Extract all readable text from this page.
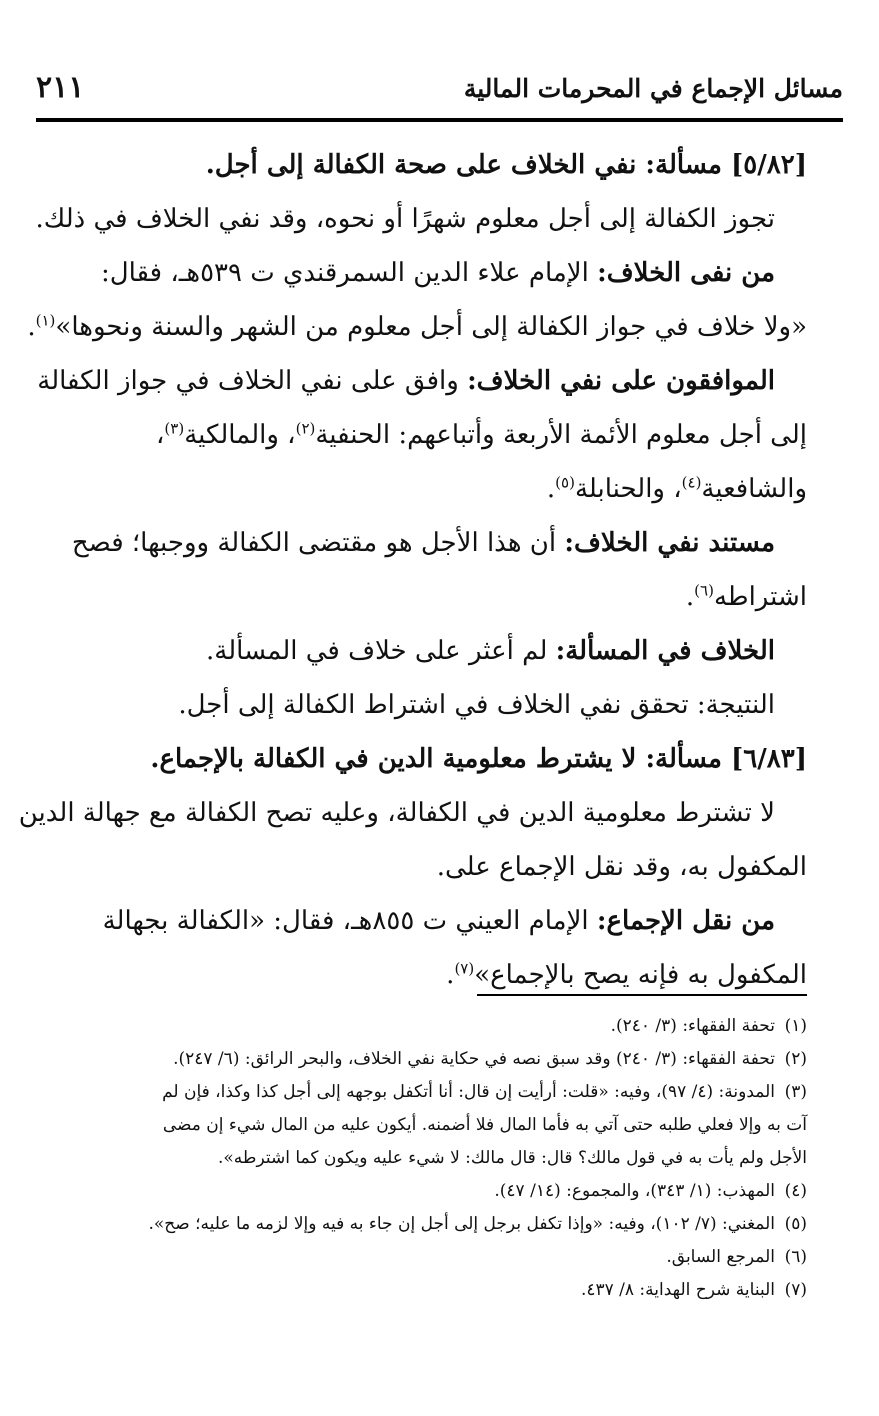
مسائل الإجماع في المحرمات المالية
٢١١

[٥/٨٢] مسألة: نفي الخلاف على صحة الكفالة إلى أجل.

تجوز الكفالة إلى أجل معلوم شهرًا أو نحوه، وقد نفي الخلاف في ذلك.

من نفى الخلاف: الإمام علاء الدين السمرقندي ت ٥٣٩هـ، فقال:

«ولا خلاف في جواز الكفالة إلى أجل معلوم من الشهر والسنة ونحوها»$^{(١)}$.

الموافقون على نفي الخلاف: وافق على نفي الخلاف في جواز الكفالة

إلى أجل معلوم الأئمة الأربعة وأتباعهم: الحنفية$^{(٢)}$، والمالكية$^{(٣)}$،

والشافعية$^{(٤)}$، والحنابلة$^{(٥)}$.

مستند نفي الخلاف: أن هذا الأجل هو مقتضى الكفالة ووجبها؛ فصح

اشتراطه$^{(٦)}$.

الخلاف في المسألة: لم أعثر على خلاف في المسألة.

النتيجة: تحقق نفي الخلاف في اشتراط الكفالة إلى أجل.

[٦/٨٣] مسألة: لا يشترط معلومية الدين في الكفالة بالإجماع.

لا تشترط معلومية الدين في الكفالة، وعليه تصح الكفالة مع جهالة الدين

المكفول به، وقد نقل الإجماع على.

من نقل الإجماع: الإمام العيني ت ٨٥٥هـ، فقال: «الكفالة بجهالة

المكفول به فإنه يصح بالإجماع»$^{(٧)}$.

(١)تحفة الفقهاء: (٣/ ٢٤٠).

(٢)تحفة الفقهاء: (٣/ ٢٤٠) وقد سبق نصه في حكاية نفي الخلاف، والبحر الرائق: (٦/ ٢٤٧).

(٣)المدونة: (٤/ ٩٧)، وفيه: «قلت: أرأيت إن قال: أنا أتكفل بوجهه إلى أجل كذا وكذا، فإن لم

آت به وإلا فعلي طلبه حتى آتي به فأما المال فلا أضمنه. أيكون عليه من المال شيء إن مضى

الأجل ولم يأت به في قول مالك؟ قال: قال مالك: لا شيء عليه ويكون كما اشترطه».

(٤)المهذب: (١/ ٣٤٣)، والمجموع: (١٤/ ٤٧).

(٥)المغني: (٧/ ١٠٢)، وفيه: «وإذا تكفل برجل إلى أجل إن جاء به فيه وإلا لزمه ما عليه؛ صح».

(٦)المرجع السابق.

(٧)البناية شرح الهداية: ٨/ ٤٣٧.
